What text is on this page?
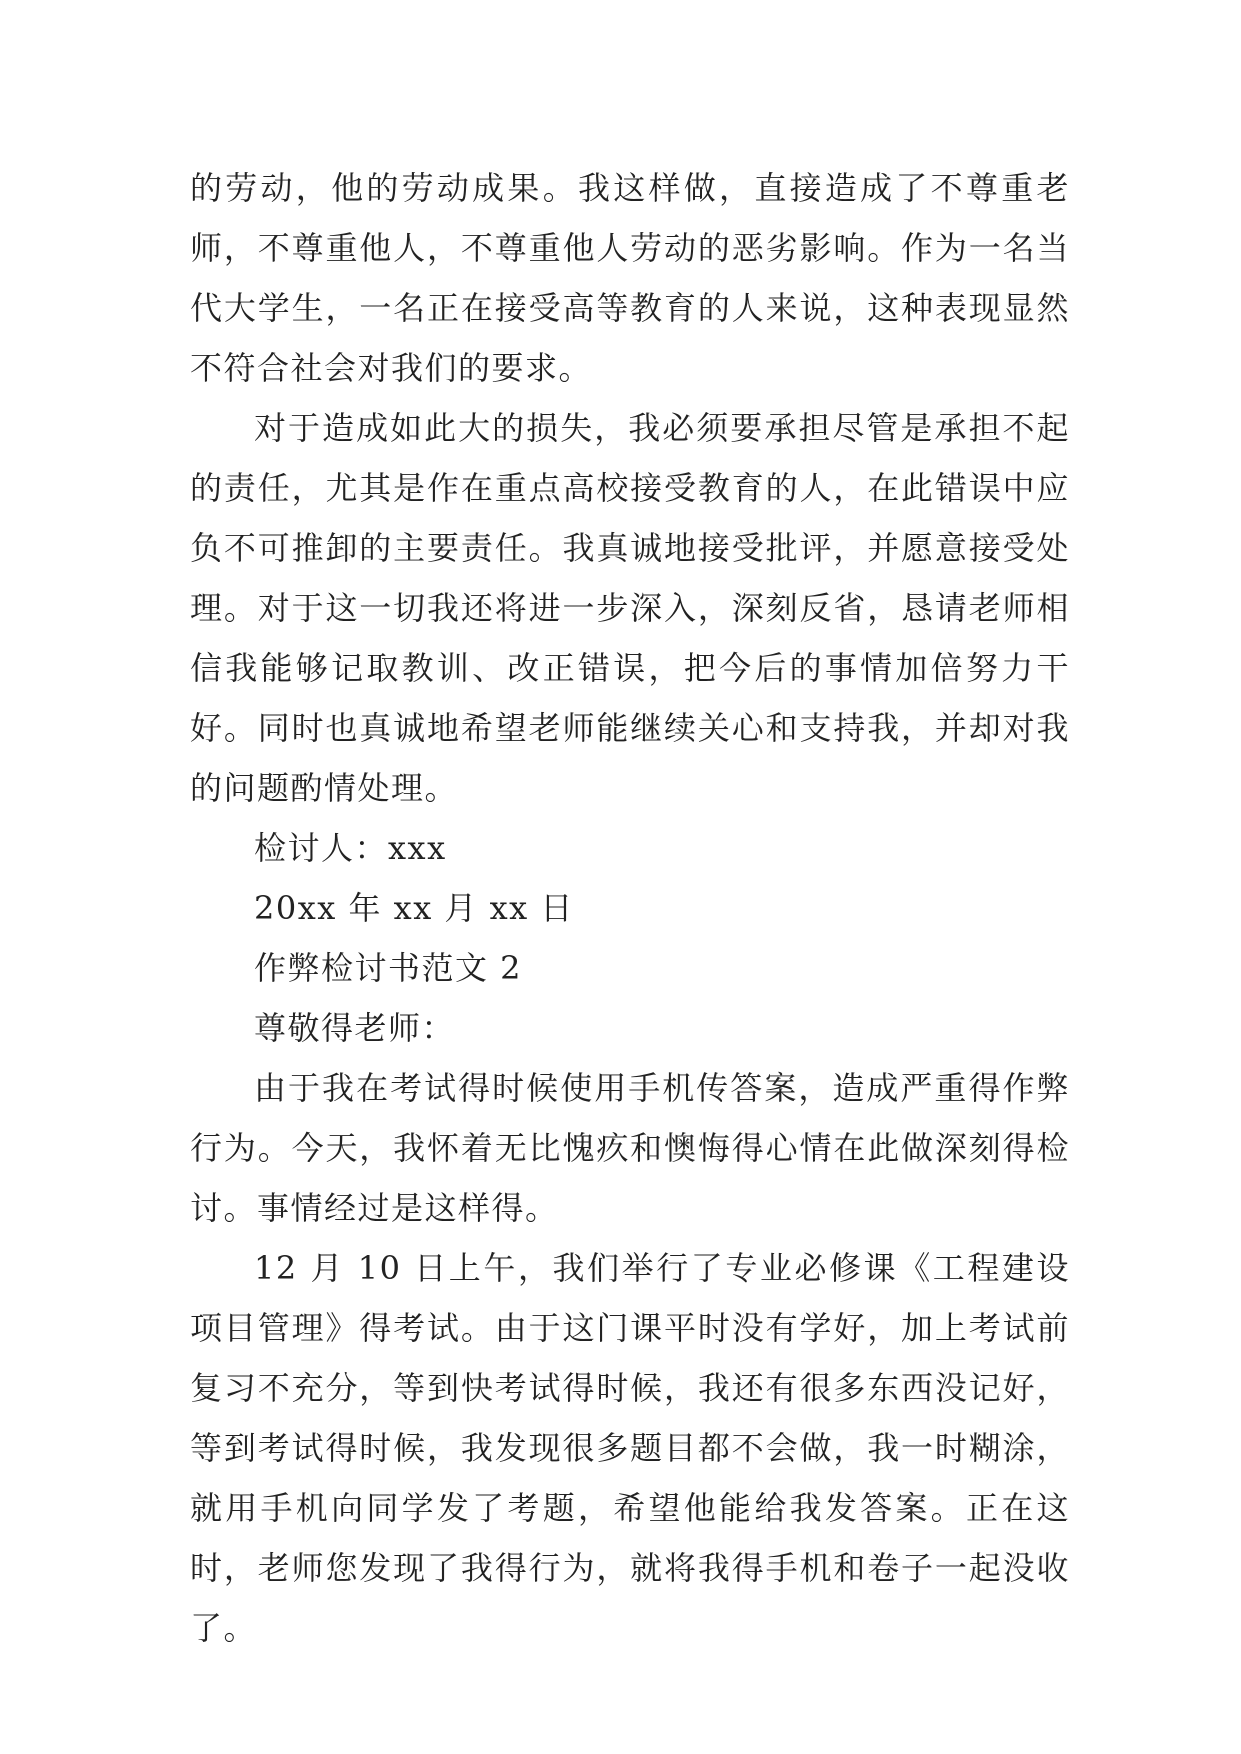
的劳动，他的劳动成果。我这样做，直接造成了不尊重老师，不尊重他人，不尊重他人劳动的恶劣影响。作为一名当代大学生，一名正在接受高等教育的人来说，这种表现显然不符合社会对我们的要求。

对于造成如此大的损失，我必须要承担尽管是承担不起的责任，尤其是作在重点高校接受教育的人，在此错误中应负不可推卸的主要责任。我真诚地接受批评，并愿意接受处理。对于这一切我还将进一步深入，深刻反省，恳请老师相信我能够记取教训、改正错误，把今后的事情加倍努力干好。同时也真诚地希望老师能继续关心和支持我，并却对我的问题酌情处理。

检讨人：xxx

20xx 年 xx 月 xx 日

作弊检讨书范文 2

尊敬得老师：

由于我在考试得时候使用手机传答案，造成严重得作弊行为。今天，我怀着无比愧疚和懊悔得心情在此做深刻得检讨。事情经过是这样得。

12 月 10 日上午，我们举行了专业必修课《工程建设项目管理》得考试。由于这门课平时没有学好，加上考试前复习不充分，等到快考试得时候，我还有很多东西没记好，等到考试得时候，我发现很多题目都不会做，我一时糊涂，就用手机向同学发了考题，希望他能给我发答案。正在这时，老师您发现了我得行为，就将我得手机和卷子一起没收了。
